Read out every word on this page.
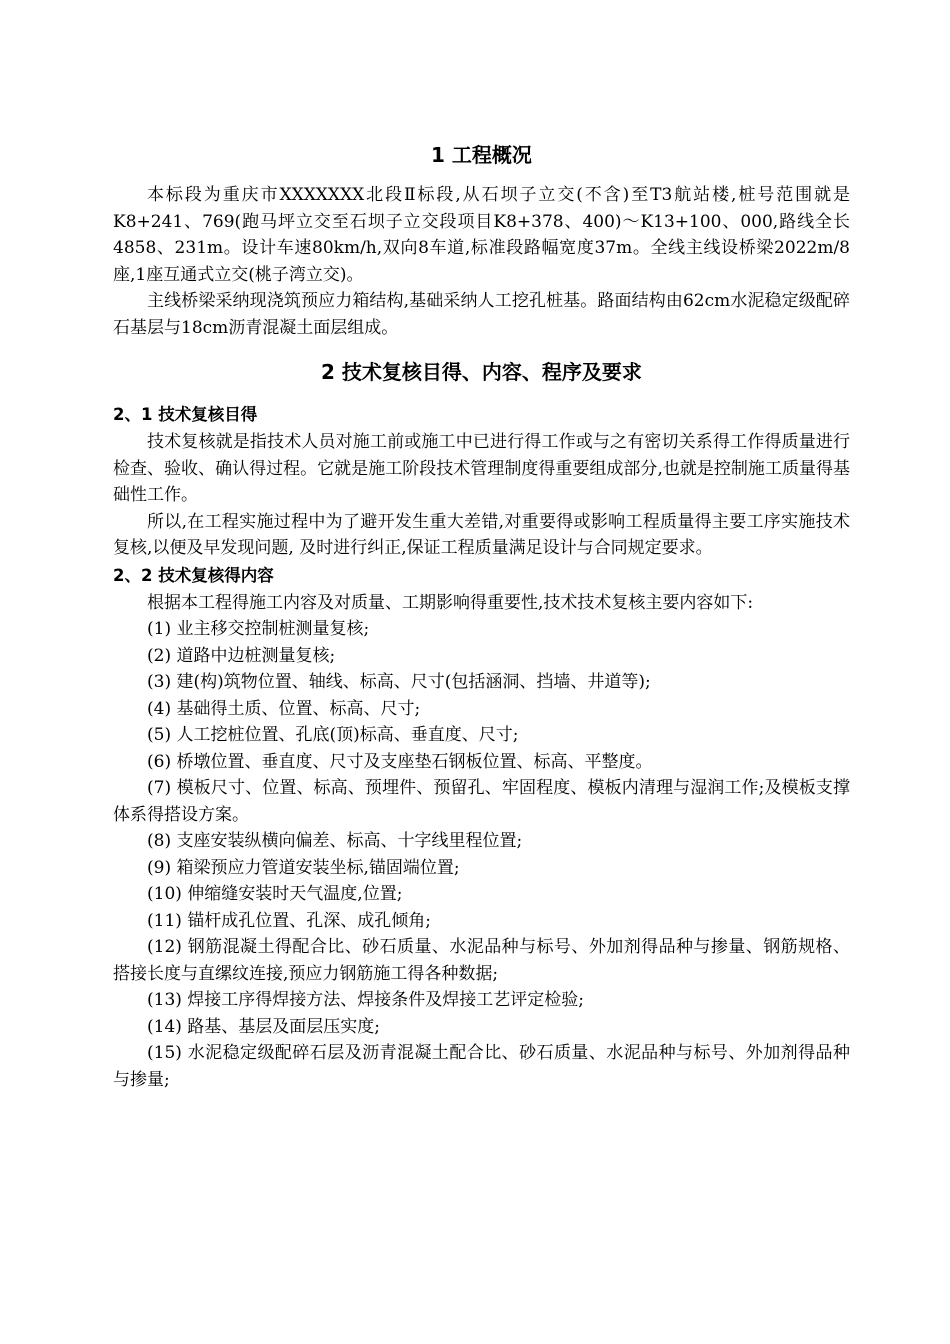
1 工程概况

本标段为重庆市XXXXXXX北段Ⅱ标段,从石坝子立交(不含)至T3航站楼,桩号范围就是K8+241、769(跑马坪立交至石坝子立交段项目K8+378、400)～K13+100、000,路线全长4858、231m。设计车速80km/h,双向8车道,标准段路幅宽度37m。全线主线设桥梁2022m/8座,1座互通式立交(桃子湾立交)。

主线桥梁采纳现浇筑预应力箱结构,基础采纳人工挖孔桩基。路面结构由62cm水泥稳定级配碎石基层与18cm沥青混凝土面层组成。

2 技术复核目得、内容、程序及要求
2、1 技术复核目得

技术复核就是指技术人员对施工前或施工中已进行得工作或与之有密切关系得工作得质量进行检查、验收、确认得过程。它就是施工阶段技术管理制度得重要组成部分,也就是控制施工质量得基础性工作。

所以,在工程实施过程中为了避开发生重大差错,对重要得或影响工程质量得主要工序实施技术复核,以便及早发现问题, 及时进行纠正,保证工程质量满足设计与合同规定要求。

2、2 技术复核得内容

根据本工程得施工内容及对质量、工期影响得重要性,技术技术复核主要内容如下:

(1) 业主移交控制桩测量复核;

(2) 道路中边桩测量复核;

(3) 建(构)筑物位置、轴线、标高、尺寸(包括涵洞、挡墙、井道等);

(4) 基础得土质、位置、标高、尺寸;

(5) 人工挖桩位置、孔底(顶)标高、垂直度、尺寸;

(6) 桥墩位置、垂直度、尺寸及支座垫石钢板位置、标高、平整度。

(7) 模板尺寸、位置、标高、预埋件、预留孔、牢固程度、模板内清理与湿润工作;及模板支撑体系得搭设方案。

(8) 支座安装纵横向偏差、标高、十字线里程位置;

(9) 箱梁预应力管道安装坐标,锚固端位置;

(10) 伸缩缝安装时天气温度,位置;

(11) 锚杆成孔位置、孔深、成孔倾角;

(12) 钢筋混凝土得配合比、砂石质量、水泥品种与标号、外加剂得品种与掺量、钢筋规格、搭接长度与直缧纹连接,预应力钢筋施工得各种数据;

(13) 焊接工序得焊接方法、焊接条件及焊接工艺评定检验;

(14) 路基、基层及面层压实度;

(15) 水泥稳定级配碎石层及沥青混凝土配合比、砂石质量、水泥品种与标号、外加剂得品种与掺量;
